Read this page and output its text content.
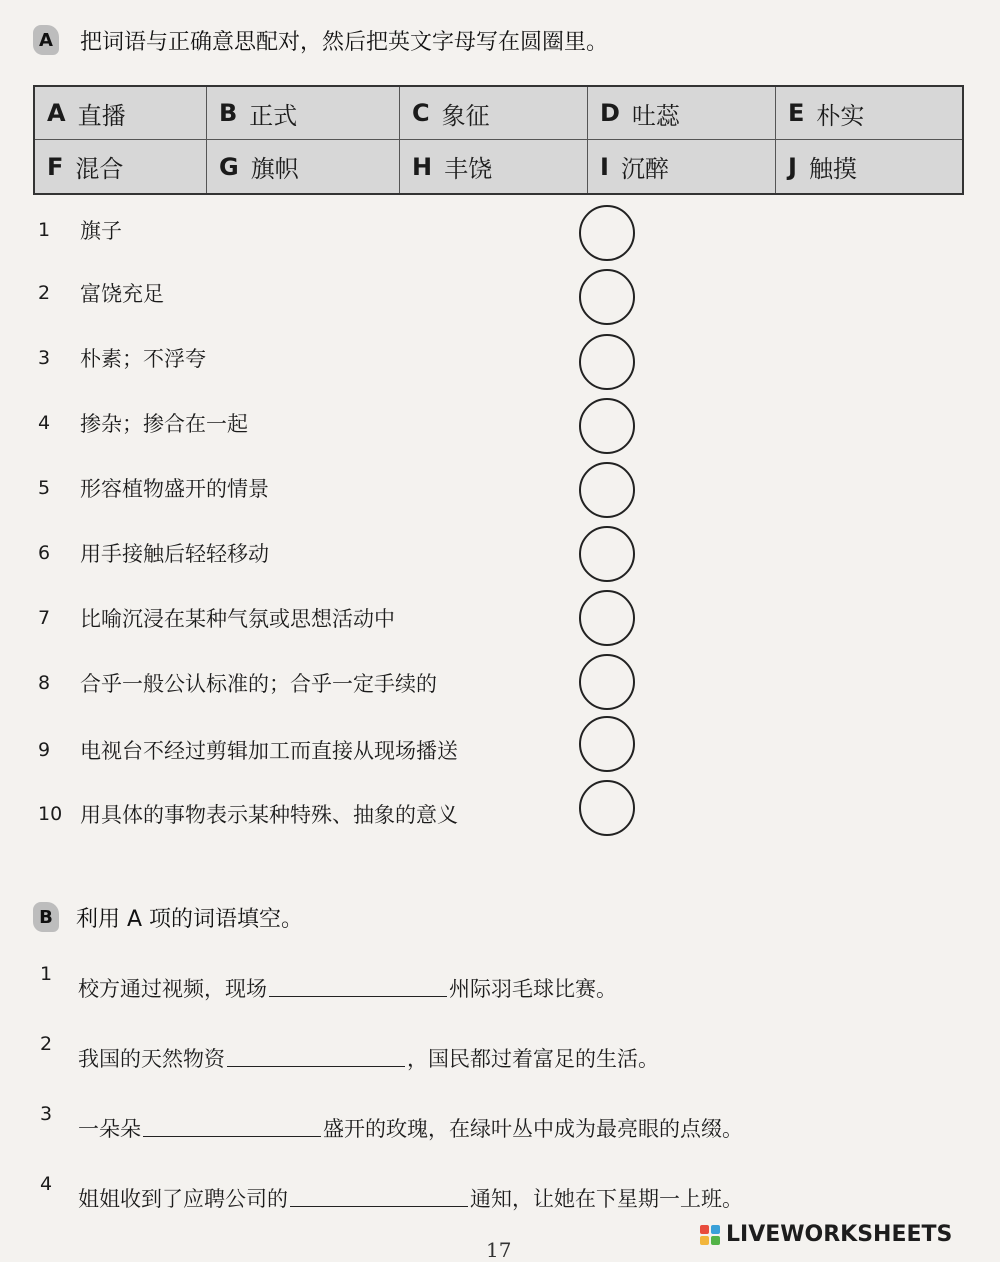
A 把词语与正确意思配对，然后把英文字母写在圆圈里。
A 直播	B 正式	C 象征	D 吐蕊	E 朴实
F 混合	G 旗帜	H 丰饶	I 沉醉	J 触摸
1	旗子
2	富饶充足
3	朴素；不浮夸
4	掺杂；掺合在一起
5	形容植物盛开的情景
6	用手接触后轻轻移动
7	比喻沉浸在某种气氛或思想活动中
8	合乎一般公认标准的；合乎一定手续的
9	电视台不经过剪辑加工而直接从现场播送
10 用具体的事物表示某种特殊、抽象的意义
B 利用 A 项的词语填空。
1
校方通过视频，现场	州际羽毛球比赛。
2
我国的天然物资	，国民都过着富足的生活。
3
一朵朵	盛开的玫瑰，在绿叶丛中成为最亮眼的点缀。
4
姐姐收到了应聘公司的	通知，让她在下星期一上班。
17
LIVEWORKSHEETS
